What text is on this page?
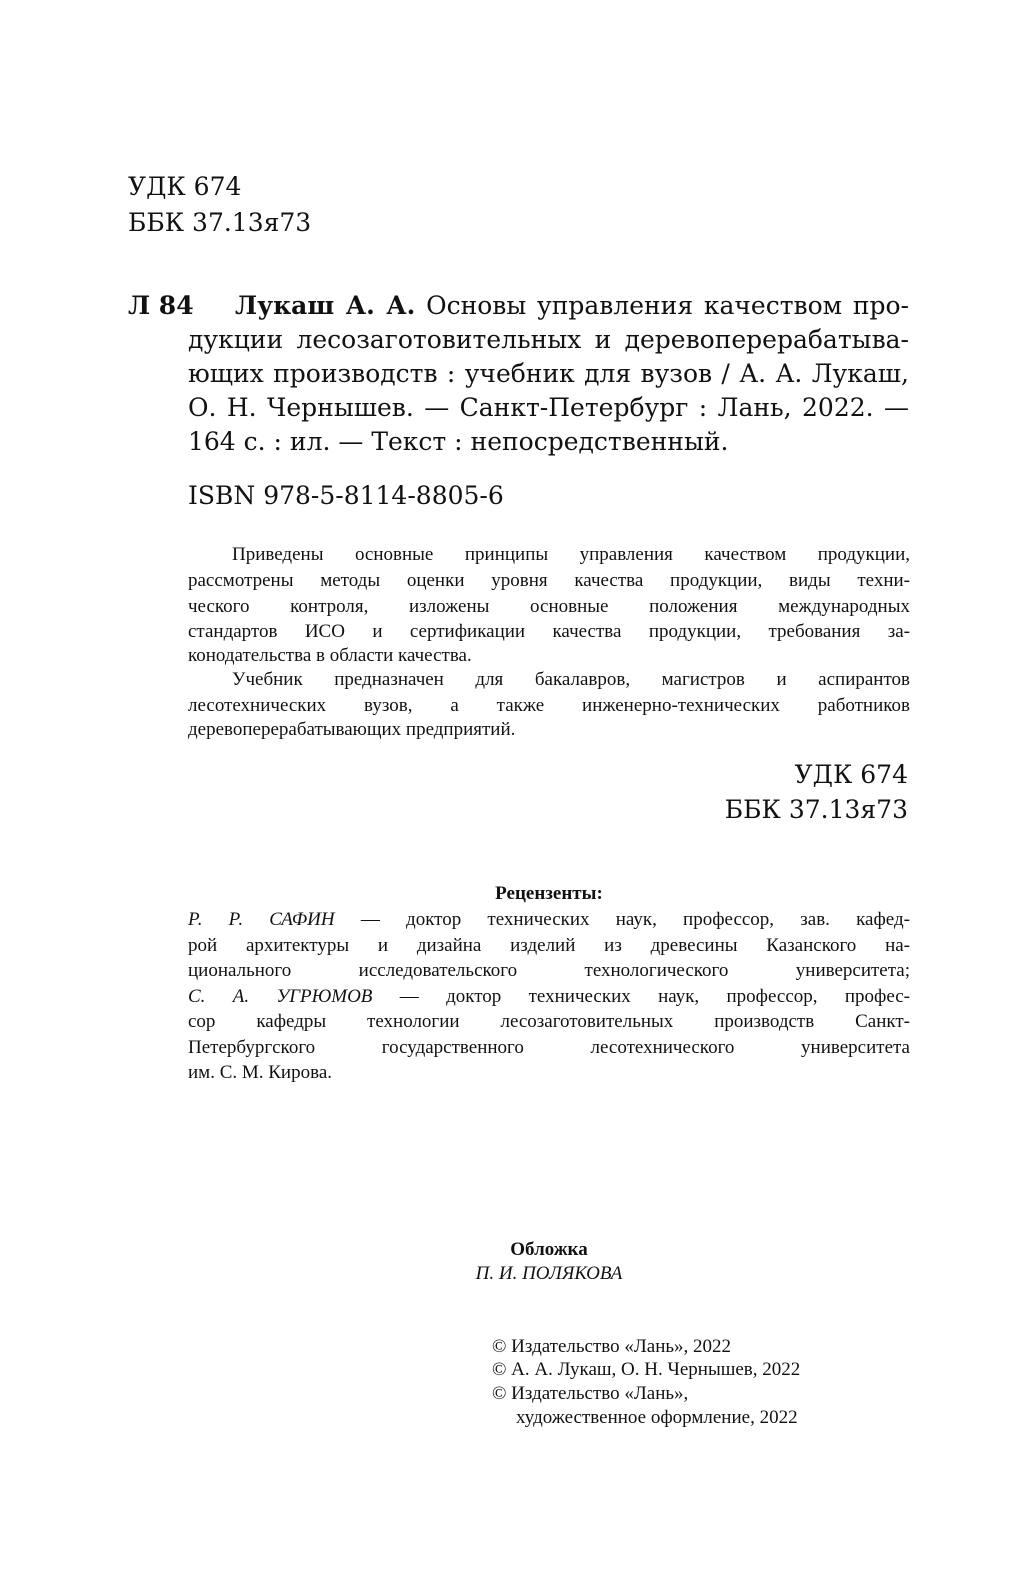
УДК 674
ББК 37.13я73
Л 84 Лукаш А. А. Основы управления качеством про-
дукции лесозаготовительных и деревоперерабатыва-
ющих производств : учебник для вузов / А. А. Лукаш,
О. Н. Чернышев. — Санкт-Петербург : Лань, 2022. —
164 с. : ил. — Текст : непосредственный.
ISBN 978-5-8114-8805-6
Приведены основные принципы управления качеством продукции,
рассмотрены методы оценки уровня качества продукции, виды техни-
ческого контроля, изложены основные положения международных
стандартов ИСО и сертификации качества продукции, требования за-
конодательства в области качества.
Учебник предназначен для бакалавров, магистров и аспирантов
лесотехнических вузов, а также инженерно-технических работников
деревоперерабатывающих предприятий.
УДК 674
ББК 37.13я73
Рецензенты:
Р. Р. САФИН — доктор технических наук, профессор, зав. кафед-
рой архитектуры и дизайна изделий из древесины Казанского на-
ционального исследовательского технологического университета;
С. А. УГРЮМОВ — доктор технических наук, профессор, профес-
сор кафедры технологии лесозаготовительных производств Санкт-
Петербургского государственного лесотехнического университета
им. С. М. Кирова.
Обложка
П. И. ПОЛЯКОВА
© Издательство «Лань», 2022
© А. А. Лукаш, О. Н. Чернышев, 2022
© Издательство «Лань»,
художественное оформление, 2022
